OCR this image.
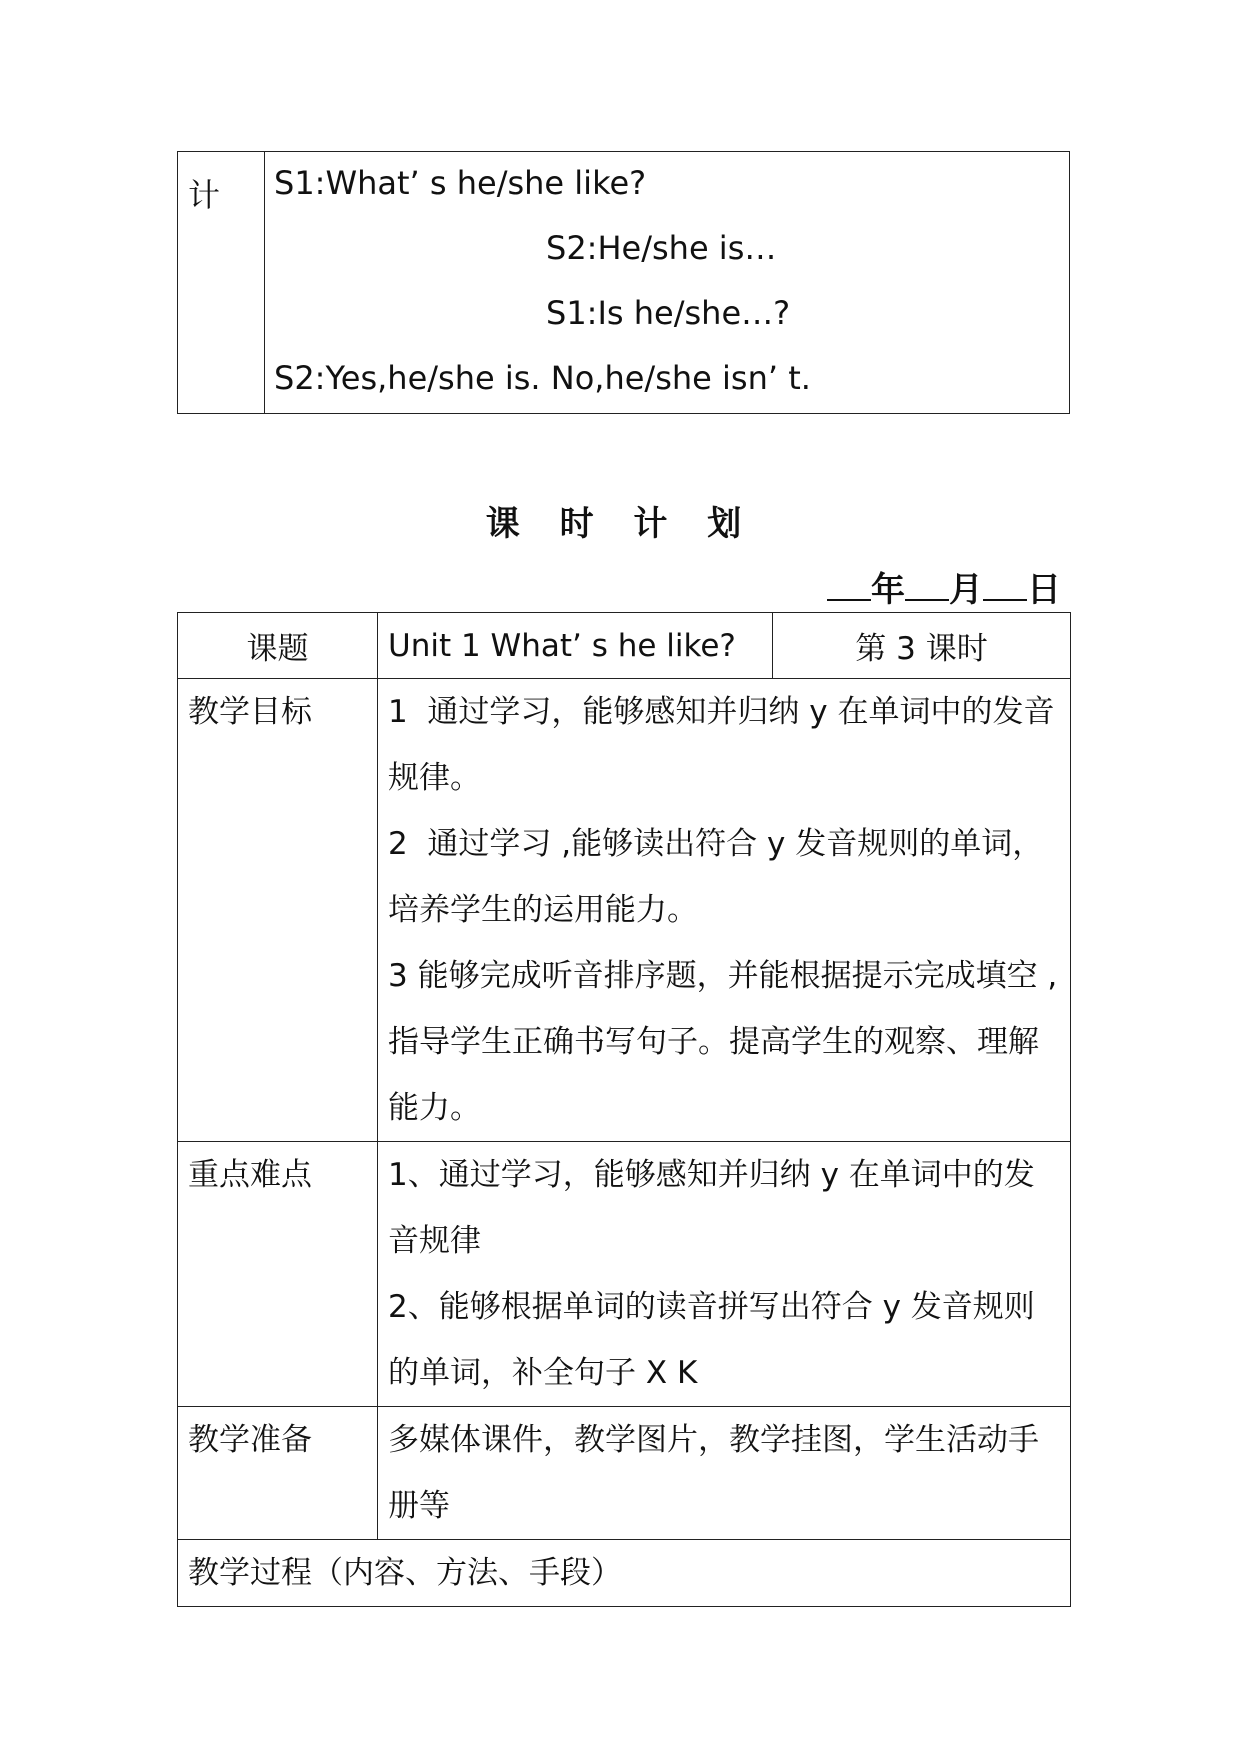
计 S1:What’ s he/she like?
S2:He/she is…
S1:Is he/she…?
S2:Yes,he/she is. No,he/she isn’ t.
课 时 计 划
年 月 日
课题	Unit 1 What’ s he like?	第 3 课时
教学目标	1  通过学习，能够感知并归纳 y 在单词中的发音规律。
2  通过学习 ,能够读出符合 y 发音规则的单词，培养学生的运用能力。
3 能够完成听音排序题，并能根据提示完成填空 ,指导学生正确书写句子。提高学生的观察、理解能力。	
重点难点	1、通过学习，能够感知并归纳 y 在单词中的发音规律
2、能够根据单词的读音拼写出符合 y 发音规则的单词，补全句子 X K	
教学准备	多媒体课件，教学图片，教学挂图，学生活动手册等	
教学过程（内容、方法、手段）		
